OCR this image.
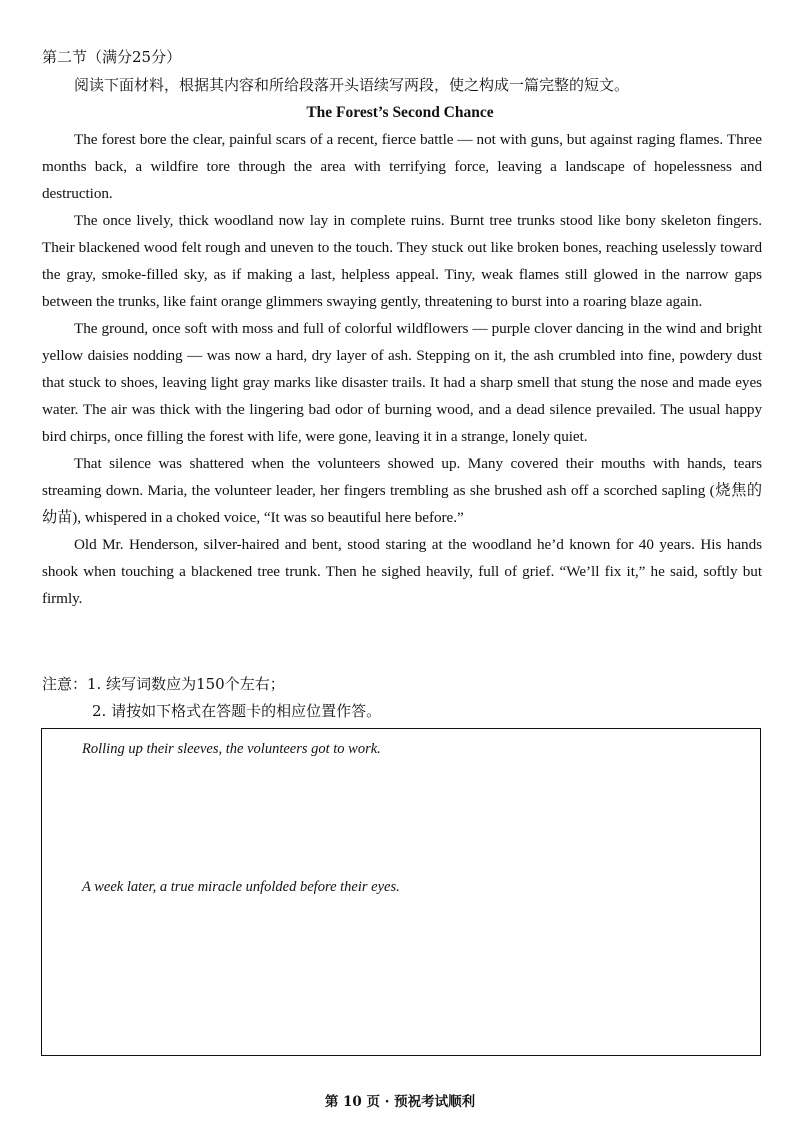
第二节（满分25分）

阅读下面材料，根据其内容和所给段落开头语续写两段，使之构成一篇完整的短文。

The Forest’s Second Chance

The forest bore the clear, painful scars of a recent, fierce battle — not with guns, but against raging flames. Three months back, a wildfire tore through the area with terrifying force, leaving a landscape of hopelessness and destruction.

The once lively, thick woodland now lay in complete ruins. Burnt tree trunks stood like bony skeleton fingers. Their blackened wood felt rough and uneven to the touch. They stuck out like broken bones, reaching uselessly toward the gray, smoke-filled sky, as if making a last, helpless appeal. Tiny, weak flames still glowed in the narrow gaps between the trunks, like faint orange glimmers swaying gently, threatening to burst into a roaring blaze again.

The ground, once soft with moss and full of colorful wildflowers — purple clover dancing in the wind and bright yellow daisies nodding — was now a hard, dry layer of ash. Stepping on it, the ash crumbled into fine, powdery dust that stuck to shoes, leaving light gray marks like disaster trails. It had a sharp smell that stung the nose and made eyes water. The air was thick with the lingering bad odor of burning wood, and a dead silence prevailed. The usual happy bird chirps, once filling the forest with life, were gone, leaving it in a strange, lonely quiet.

That silence was shattered when the volunteers showed up. Many covered their mouths with hands, tears streaming down. Maria, the volunteer leader, her fingers trembling as she brushed ash off a scorched sapling (烧焦的幼苗), whispered in a choked voice, “It was so beautiful here before.”

Old Mr. Henderson, silver-haired and bent, stood staring at the woodland he’d known for 40 years. His hands shook when touching a blackened tree trunk. Then he sighed heavily, full of grief. “We’ll fix it,” he said, softly but firmly.

注意：1. 续写词数应为150个左右；

2. 请按如下格式在答题卡的相应位置作答。

Rolling up their sleeves, the volunteers got to work.

A week later, a true miracle unfolded before their eyes.

第 10 页 · 预祝考试顺利
